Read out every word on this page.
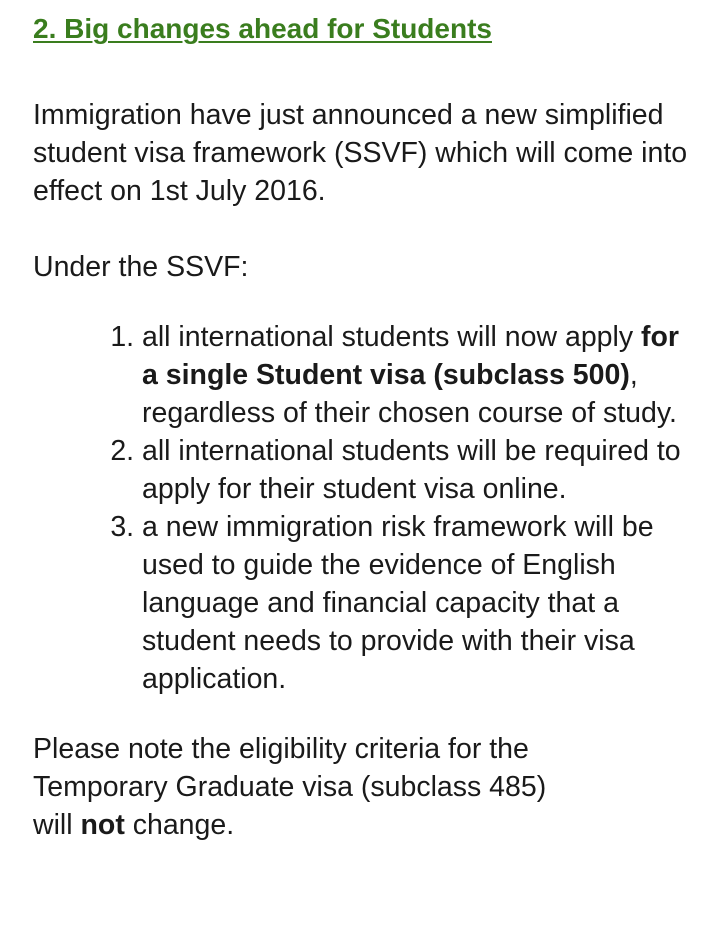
2. Big changes ahead for Students

Immigration have just announced a new simplified student visa framework (SSVF) which will come into effect on 1st July 2016.

Under the SSVF:

1. all international students will now apply for a single Student visa (subclass 500), regardless of their chosen course of study.
2. all international students will be required to apply for their student visa online.
3. a new immigration risk framework will be used to guide the evidence of English language and financial capacity that a student needs to provide with their visa application.

Please note the eligibility criteria for the
Temporary Graduate visa (subclass 485)
will not change.
